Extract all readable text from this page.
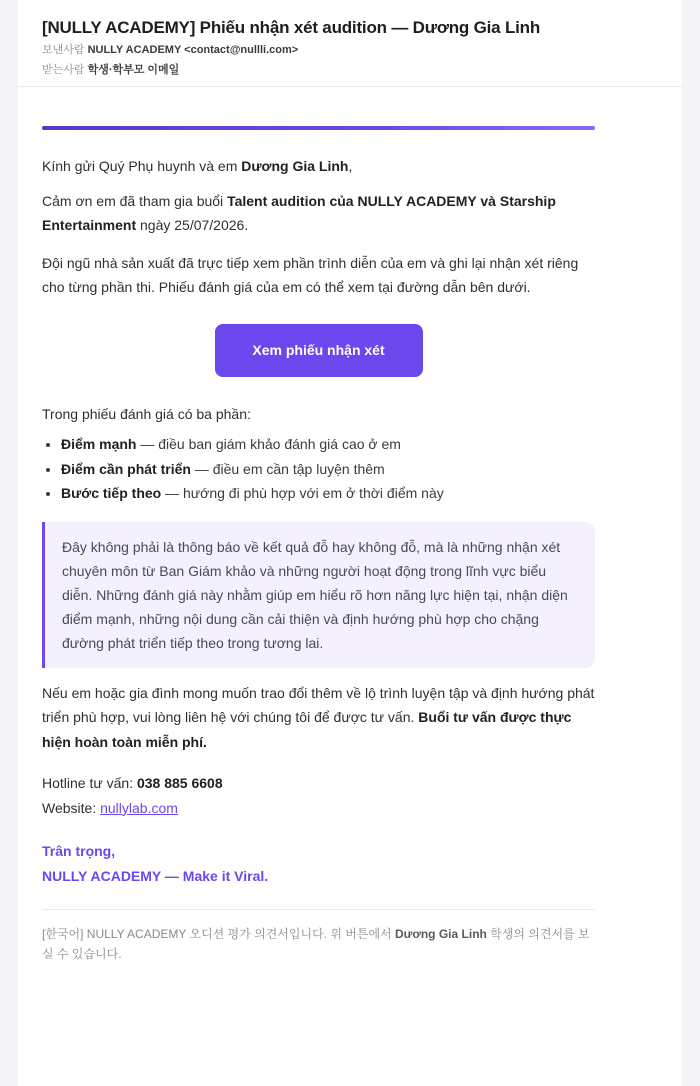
[NULLY ACADEMY] Phiếu nhận xét audition — Dương Gia Linh
보낸사람 NULLY ACADEMY <contact@nullli.com>
받는사람 학생·학부모 이메일

Kính gửi Quý Phụ huynh và em Dương Gia Linh,

Cảm ơn em đã tham gia buổi Talent audition của NULLY ACADEMY và Starship Entertainment ngày 25/07/2026.

Đội ngũ nhà sản xuất đã trực tiếp xem phần trình diễn của em và ghi lại nhận xét riêng cho từng phần thi. Phiếu đánh giá của em có thể xem tại đường dẫn bên dưới.

Xem phiếu nhận xét

Trong phiếu đánh giá có ba phần:

• Điểm mạnh — điều ban giám khảo đánh giá cao ở em
• Điểm cần phát triển — điều em cần tập luyện thêm
• Bước tiếp theo — hướng đi phù hợp với em ở thời điểm này

Đây không phải là thông báo về kết quả đỗ hay không đỗ, mà là những nhận xét chuyên môn từ Ban Giám khảo và những người hoạt động trong lĩnh vực biểu diễn. Những đánh giá này nhằm giúp em hiểu rõ hơn năng lực hiện tại, nhận diện điểm mạnh, những nội dung cần cải thiện và định hướng phù hợp cho chặng đường phát triển tiếp theo trong tương lai.

Nếu em hoặc gia đình mong muốn trao đổi thêm về lộ trình luyện tập và định hướng phát triển phù hợp, vui lòng liên hệ với chúng tôi để được tư vấn. Buổi tư vấn được thực hiện hoàn toàn miễn phí.

Hotline tư vấn: 038 885 6608

Website: nullylab.com

Trân trọng,
NULLY ACADEMY — Make it Viral.

[한국어] NULLY ACADEMY 오디션 평가 의견서입니다. 위 버튼에서 Dương Gia Linh 학생의 의견서를 보실 수 있습니다.
